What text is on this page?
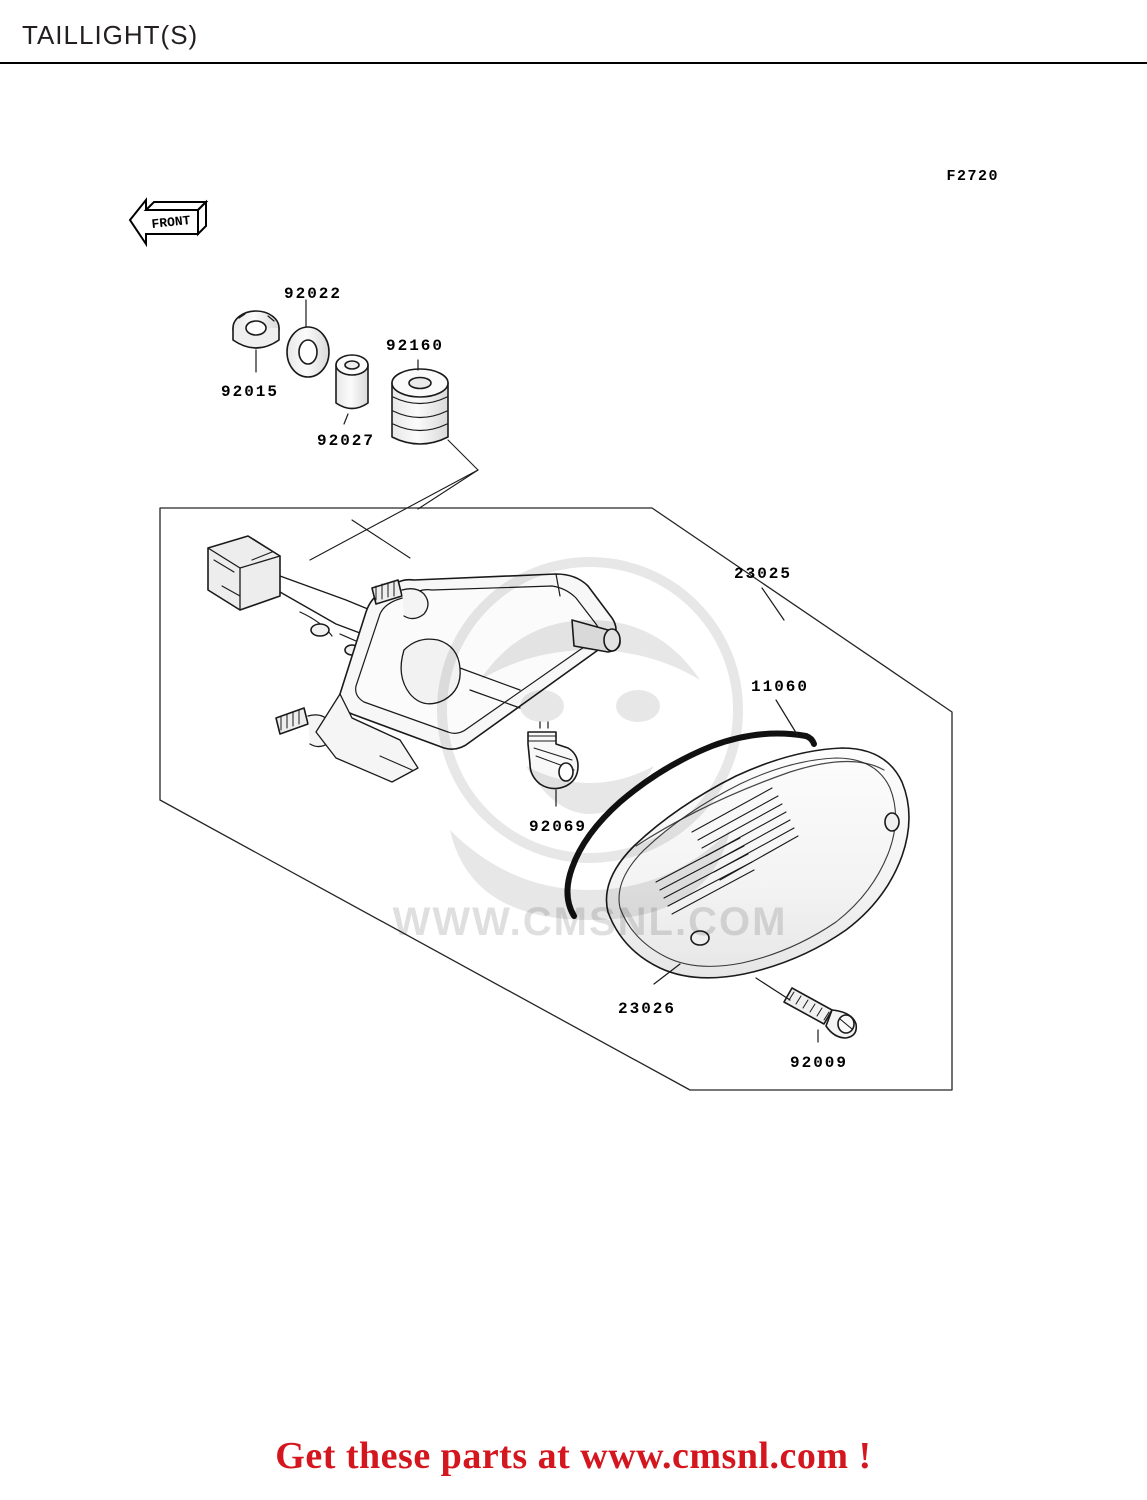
TAILLIGHT(S)
F2720
FRONT
WWW.CMSNL.COM
92022
92160
92015
92027
23025
11060
92069
23026
92009
Get these parts at www.cmsnl.com !
